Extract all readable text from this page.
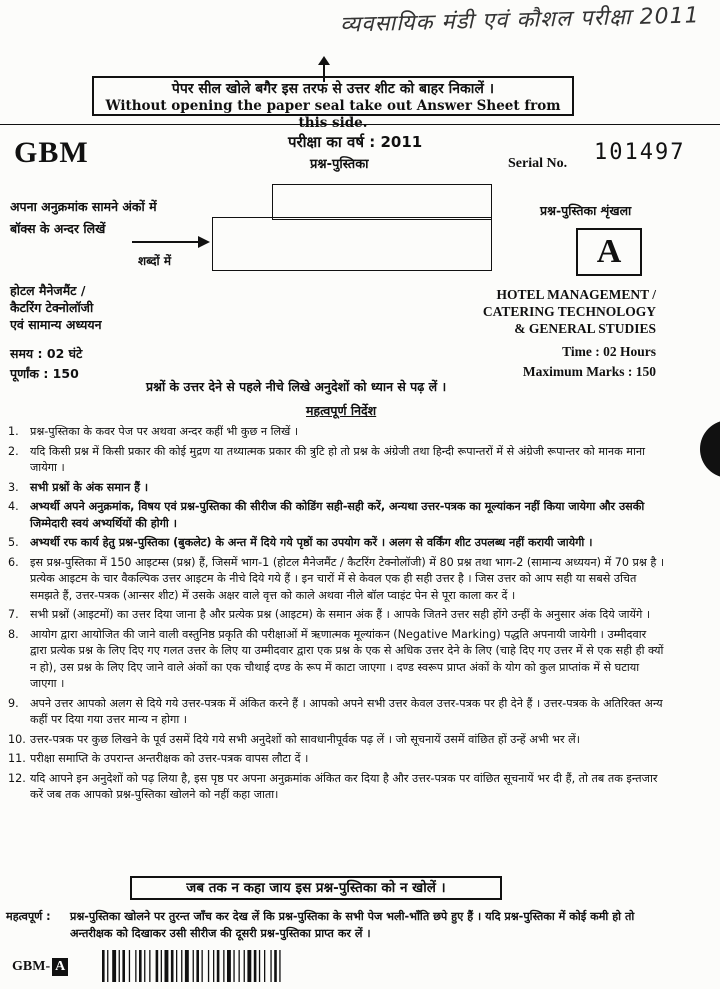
व्यवसायिक मंडी एवं कौशल परीक्षा 2011
पेपर सील खोले बगैर इस तरफ से उत्तर शीट को बाहर निकालें ।
Without opening the paper seal take out Answer Sheet from this side.
GBM	परीक्षा का वर्ष : 2011
प्रश्न-पुस्तिका	Serial No. 101497
अपना अनुक्रमांक सामने अंकों में
बॉक्स के अन्दर लिखें
शब्दों में
प्रश्न-पुस्तिका शृंखला
A
होटल मैनेजमैंट /
कैटरिंग टेक्नोलॉजी
एवं सामान्य अध्ययन
HOTEL MANAGEMENT /
CATERING TECHNOLOGY
& GENERAL STUDIES
समय : 02 घंटे
पूर्णांक : 150
Time : 02 Hours
Maximum Marks : 150
प्रश्नों के उत्तर देने से पहले नीचे लिखे अनुदेशों को ध्यान से पढ़ लें ।
महत्वपूर्ण निर्देश
1.	प्रश्न-पुस्तिका के कवर पेज पर अथवा अन्दर कहीं भी कुछ न लिखें ।
2.	यदि किसी प्रश्न में किसी प्रकार की कोई मुद्रण या तथ्यात्मक प्रकार की त्रुटि हो तो प्रश्न के अंग्रेजी तथा हिन्दी रूपान्तरों में से अंग्रेजी रूपान्तर को मानक माना जायेगा ।
3.	सभी प्रश्नों के अंक समान हैं ।
4.	अभ्यर्थी अपने अनुक्रमांक, विषय एवं प्रश्न-पुस्तिका की सीरीज की कोडिंग सही-सही करें, अन्यथा उत्तर-पत्रक का मूल्यांकन नहीं किया जायेगा और उसकी जिम्मेदारी स्वयं अभ्यर्थियों की होगी ।
5.	अभ्यर्थी रफ कार्य हेतु प्रश्न-पुस्तिका (बुकलेट) के अन्त में दिये गये पृष्ठों का उपयोग करें । अलग से वर्किंग शीट उपलब्ध नहीं करायी जायेगी ।
6.	इस प्रश्न-पुस्तिका में 150 आइटम्स (प्रश्न) हैं, जिसमें भाग-1 (होटल मैनेजमैंट / कैटरिंग टेक्नोलॉजी) में 80 प्रश्न तथा भाग-2 (सामान्य अध्ययन) में 70 प्रश्न है । प्रत्येक आइटम के चार वैकल्पिक उत्तर आइटम के नीचे दिये गये हैं । इन चारों में से केवल एक ही सही उत्तर है । जिस उत्तर को आप सही या सबसे उचित समझते हैं, उत्तर-पत्रक (आन्सर शीट) में उसके अक्षर वाले वृत्त को काले अथवा नीले बॉल प्वाइंट पेन से पूरा काला कर दें ।
7.	सभी प्रश्नों (आइटमों) का उत्तर दिया जाना है और प्रत्येक प्रश्न (आइटम) के समान अंक हैं । आपके जितने उत्तर सही होंगे उन्हीं के अनुसार अंक दिये जायेंगे ।
8.	आयोग द्वारा आयोजित की जाने वाली वस्तुनिष्ठ प्रकृति की परीक्षाओं में ऋणात्मक मूल्यांकन (Negative Marking) पद्धति अपनायी जायेगी । उम्मीदवार द्वारा प्रत्येक प्रश्न के लिए दिए गए गलत उत्तर के लिए या उम्मीदवार द्वारा एक प्रश्न के एक से अधिक उत्तर देने के लिए (चाहे दिए गए उत्तर में से एक सही ही क्यों न हो), उस प्रश्न के लिए दिए जाने वाले अंकों का एक चौथाई दण्ड के रूप में काटा जाएगा । दण्ड स्वरूप प्राप्त अंकों के योग को कुल प्राप्तांक में से घटाया जाएगा ।
9.	अपने उत्तर आपको अलग से दिये गये उत्तर-पत्रक में अंकित करने हैं । आपको अपने सभी उत्तर केवल उत्तर-पत्रक पर ही देने हैं । उत्तर-पत्रक के अतिरिक्त अन्य कहीं पर दिया गया उत्तर मान्य न होगा ।
10. उत्तर-पत्रक पर कुछ लिखने के पूर्व उसमें दिये गये सभी अनुदेशों को सावधानीपूर्वक पढ़ लें । जो सूचनायें उसमें वांछित हों उन्हें अभी भर लें।
11. परीक्षा समाप्ति के उपरान्त अन्तरीक्षक को उत्तर-पत्रक वापस लौटा दें ।
12. यदि आपने इन अनुदेशों को पढ़ लिया है, इस पृष्ठ पर अपना अनुक्रमांक अंकित कर दिया है और उत्तर-पत्रक पर वांछित सूचनायें भर दी हैं, तो तब तक इन्तजार करें जब तक आपको प्रश्न-पुस्तिका खोलने को नहीं कहा जाता।
जब तक न कहा जाय इस प्रश्न-पुस्तिका को न खोलें ।
महत्वपूर्ण :	प्रश्न-पुस्तिका खोलने पर तुरन्त जाँच कर देख लें कि प्रश्न-पुस्तिका के सभी पेज भली-भाँति छपे हुए हैं । यदि प्रश्न-पुस्तिका में कोई कमी हो तो अन्तरीक्षक को दिखाकर उसी सीरीज की दूसरी प्रश्न-पुस्तिका प्राप्त कर लें ।
GBM- A
